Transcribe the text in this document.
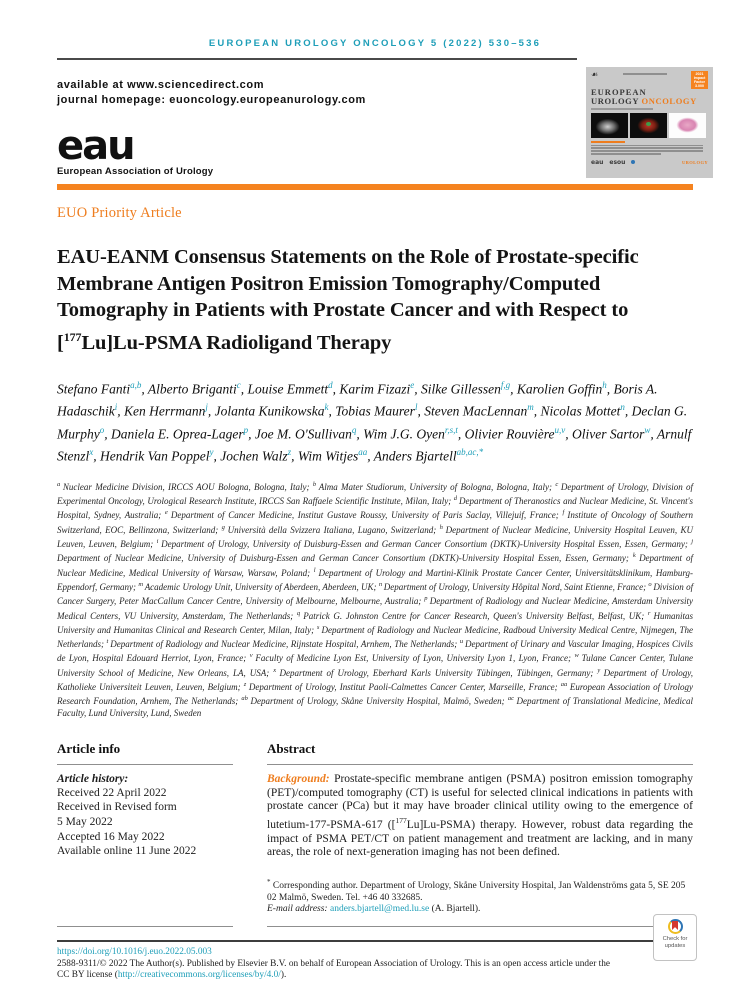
EUROPEAN UROLOGY ONCOLOGY 5 (2022) 530–536
available at www.sciencedirect.com
journal homepage: euoncology.europeanurology.com
☙	2021
Impact
Factor
3.000
EUROPEAN
UROLOGY ONCOLOGY
eau esou	UROLOGY
eau
European Association of Urology
EUO Priority Article
EAU-EANM Consensus Statements on the Role of Prostate-specific Membrane Antigen Positron Emission Tomography/Computed Tomography in Patients with Prostate Cancer and with Respect to [$^{177}$Lu]Lu-PSMA Radioligand Therapy
Stefano Fanti$^{a,b}$, Alberto Briganti$^c$, Louise Emmett$^d$, Karim Fizazi$^e$, Silke Gillessen$^{f,g}$, Karolien Goffin$^h$, Boris A. Hadaschik$^i$, Ken Herrmann$^j$, Jolanta Kunikowska$^k$, Tobias Maurer$^l$, Steven MacLennan$^m$, Nicolas Mottet$^n$, Declan G. Murphy$^o$, Daniela E. Oprea-Lager$^p$, Joe M. O'Sullivan$^q$, Wim J.G. Oyen$^{r,s,t}$, Olivier Rouvière$^{u,v}$, Oliver Sartor$^w$, Arnulf Stenzl$^x$, Hendrik Van Poppel$^y$, Jochen Walz$^z$, Wim Witjes$^{aa}$, Anders Bjartell$^{ab,ac,*}$
$^a$ Nuclear Medicine Division, IRCCS AOU Bologna, Bologna, Italy; $^b$ Alma Mater Studiorum, University of Bologna, Bologna, Italy; $^c$ Department of Urology, Division of Experimental Oncology, Urological Research Institute, IRCCS San Raffaele Scientific Institute, Milan, Italy; $^d$ Department of Theranostics and Nuclear Medicine, St. Vincent's Hospital, Sydney, Australia; $^e$ Department of Cancer Medicine, Institut Gustave Roussy, University of Paris Saclay, Villejuif, France; $^f$ Institute of Oncology of Southern Switzerland, EOC, Bellinzona, Switzerland; $^g$ Università della Svizzera Italiana, Lugano, Switzerland; $^h$ Department of Nuclear Medicine, University Hospital Leuven, KU Leuven, Leuven, Belgium; $^i$ Department of Urology, University of Duisburg-Essen and German Cancer Consortium (DKTK)-University Hospital Essen, Essen, Germany; $^j$ Department of Nuclear Medicine, University of Duisburg-Essen and German Cancer Consortium (DKTK)-University Hospital Essen, Essen, Germany; $^k$ Department of Nuclear Medicine, Medical University of Warsaw, Warsaw, Poland; $^l$ Department of Urology and Martini-Klinik Prostate Cancer Center, Universitätsklinikum, Hamburg-Eppendorf, Germany; $^m$ Academic Urology Unit, University of Aberdeen, Aberdeen, UK; $^n$ Department of Urology, University Hôpital Nord, Saint Etienne, France; $^o$ Division of Cancer Surgery, Peter MacCallum Cancer Centre, University of Melbourne, Melbourne, Australia; $^p$ Department of Radiology and Nuclear Medicine, Amsterdam University Medical Centers, VU University, Amsterdam, The Netherlands; $^q$ Patrick G. Johnston Centre for Cancer Research, Queen's University Belfast, Belfast, UK; $^r$ Humanitas University and Humanitas Clinical and Research Center, Milan, Italy; $^s$ Department of Radiology and Nuclear Medicine, Radboud University Medical Centre, Nijmegen, The Netherlands; $^t$ Department of Radiology and Nuclear Medicine, Rijnstate Hospital, Arnhem, The Netherlands; $^u$ Department of Urinary and Vascular Imaging, Hospices Civils de Lyon, Hospital Edouard Herriot, Lyon, France; $^v$ Faculty of Medicine Lyon Est, University of Lyon, University Lyon 1, Lyon, France; $^w$ Tulane Cancer Center, Tulane University School of Medicine, New Orleans, LA, USA; $^x$ Department of Urology, Eberhard Karls University Tübingen, Tübingen, Germany; $^y$ Department of Urology, Katholieke Universiteit Leuven, Leuven, Belgium; $^z$ Department of Urology, Institut Paoli-Calmettes Cancer Center, Marseille, France; $^{aa}$ European Association of Urology Research Foundation, Arnhem, The Netherlands; $^{ab}$ Department of Urology, Skåne University Hospital, Malmö, Sweden; $^{ac}$ Department of Translational Medicine, Medical Faculty, Lund University, Lund, Sweden
Article info
Article history:
Received 22 April 2022
Received in Revised form
5 May 2022
Accepted 16 May 2022
Available online 11 June 2022
Abstract

Background: Prostate-specific membrane antigen (PSMA) positron emission tomography (PET)/computed tomography (CT) is useful for selected clinical indications in patients with prostate cancer (PCa) but it may have broader clinical utility owing to the emergence of lutetium-177-PSMA-617 ([$^{177}$Lu]Lu-PSMA) therapy. However, robust data regarding the impact of PSMA PET/CT on patient management and treatment are lacking, and in many areas, the role of next-generation imaging has not been defined.

* Corresponding author. Department of Urology, Skåne University Hospital, Jan Waldenströms gata 5, SE 205 02 Malmö, Sweden. Tel. +46 40 332685.
E-mail address: anders.bjartell@med.lu.se (A. Bjartell).
https://doi.org/10.1016/j.euo.2022.05.003
2588-9311/© 2022 The Author(s). Published by Elsevier B.V. on behalf of European Association of Urology. This is an open access article under the CC BY license (http://creativecommons.org/licenses/by/4.0/).
Check for updates
